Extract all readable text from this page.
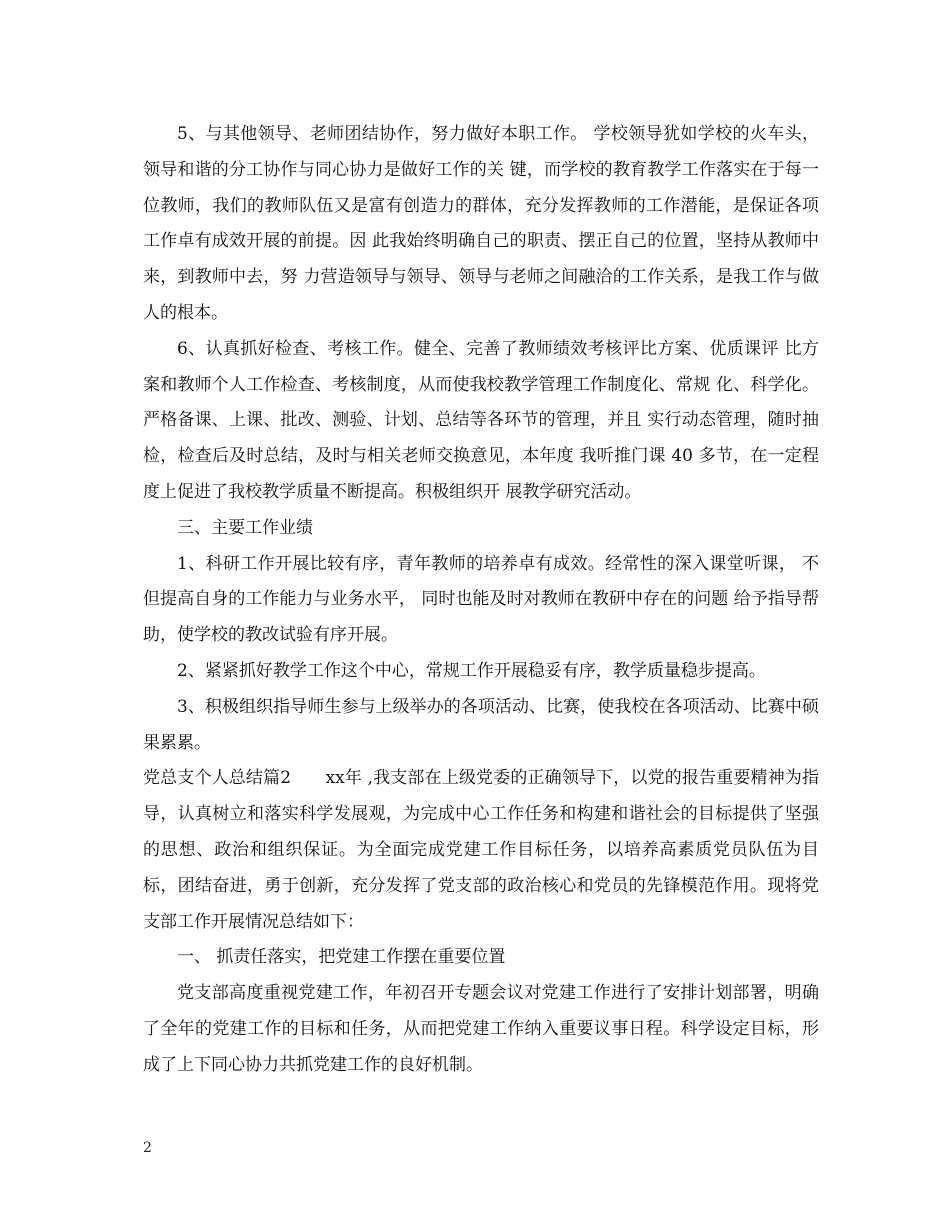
5、与其他领导、老师团结协作，努力做好本职工作。 学校领导犹如学校的火车头， 领导和谐的分工协作与同心协力是做好工作的关 键，而学校的教育教学工作落实在于每一位教师，我们的教师队伍又是富有创造力的群体，充分发挥教师的工作潜能，是保证各项工作卓有成效开展的前提。因 此我始终明确自己的职责、摆正自己的位置，坚持从教师中来，到教师中去，努 力营造领导与领导、领导与老师之间融洽的工作关系，是我工作与做人的根本。

6、认真抓好检查、考核工作。健全、完善了教师绩效考核评比方案、优质课评 比方案和教师个人工作检查、考核制度，从而使我校教学管理工作制度化、常规 化、科学化。严格备课、上课、批改、测验、计划、总结等各环节的管理，并且 实行动态管理，随时抽检，检查后及时总结，及时与相关老师交换意见，本年度 我听推门课 40 多节，在一定程度上促进了我校教学质量不断提高。积极组织开 展教学研究活动。

三、主要工作业绩

1、科研工作开展比较有序，青年教师的培养卓有成效。经常性的深入课堂听课， 不但提高自身的工作能力与业务水平， 同时也能及时对教师在教研中存在的问题 给予指导帮助，使学校的教改试验有序开展。

2、紧紧抓好教学工作这个中心，常规工作开展稳妥有序，教学质量稳步提高。

3、积极组织指导师生参与上级举办的各项活动、比赛，使我校在各项活动、比赛中硕果累累。

党总支个人总结篇2　　xx年 ,我支部在上级党委的正确领导下，以党的报告重要精神为指导，认真树立和落实科学发展观，为完成中心工作任务和构建和谐社会的目标提供了坚强的思想、政治和组织保证。为全面完成党建工作目标任务，以培养高素质党员队伍为目标，团结奋进，勇于创新，充分发挥了党支部的政治核心和党员的先锋模范作用。现将党支部工作开展情况总结如下：

一、 抓责任落实，把党建工作摆在重要位置

党支部高度重视党建工作，年初召开专题会议对党建工作进行了安排计划部署，明确了全年的党建工作的目标和任务，从而把党建工作纳入重要议事日程。科学设定目标，形成了上下同心协力共抓党建工作的良好机制。

2
